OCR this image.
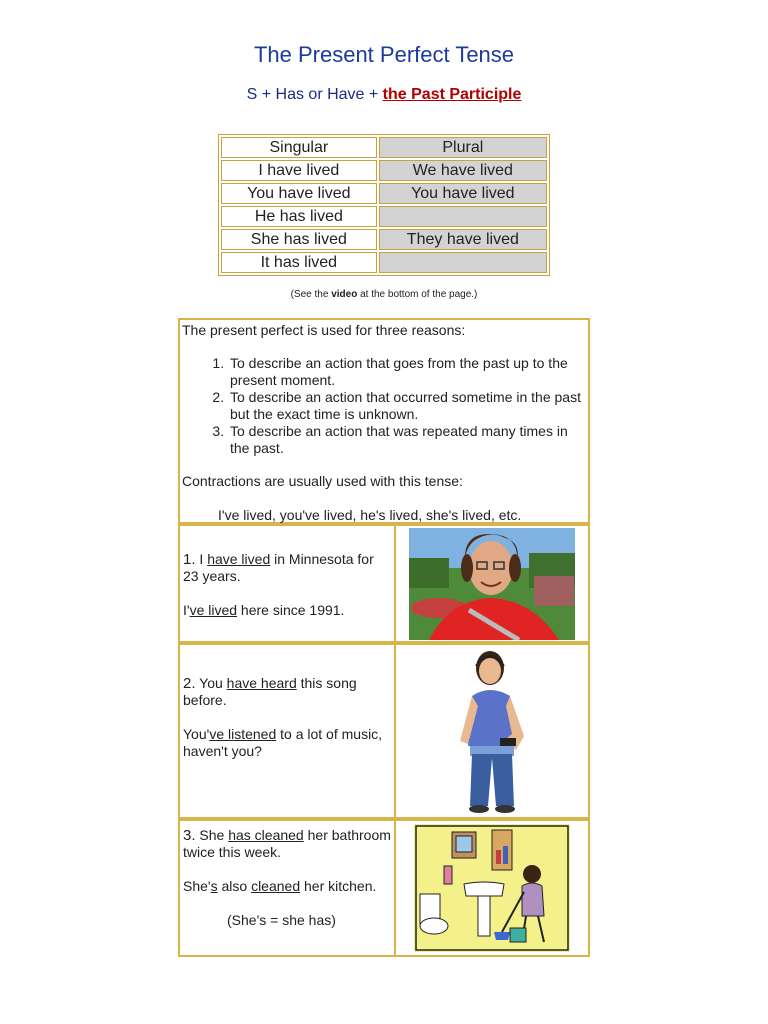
The Present Perfect Tense
S + Has or Have + the Past Participle
Singular	Plural
I have lived	We have lived
You have lived	You have lived
He has lived	
She has lived	They have lived
It has lived	
(See the video at the bottom of the page.)
The present perfect is used for three reasons:
1. To describe an action that goes from the past up to the present moment.
2. To describe an action that occurred sometime in the past but the exact time is unknown.
3. To describe an action that was repeated many times in the past.
Contractions are usually used with this tense:
I've lived, you've lived, he's lived, she's lived, etc.
1. I have lived in Minnesota for 23 years.
I've lived here since 1991.
2. You have heard this song before.
You've listened to a lot of music, haven't you?
3. She has cleaned her bathroom twice this week.
She's also cleaned her kitchen.
(She's = she has)
